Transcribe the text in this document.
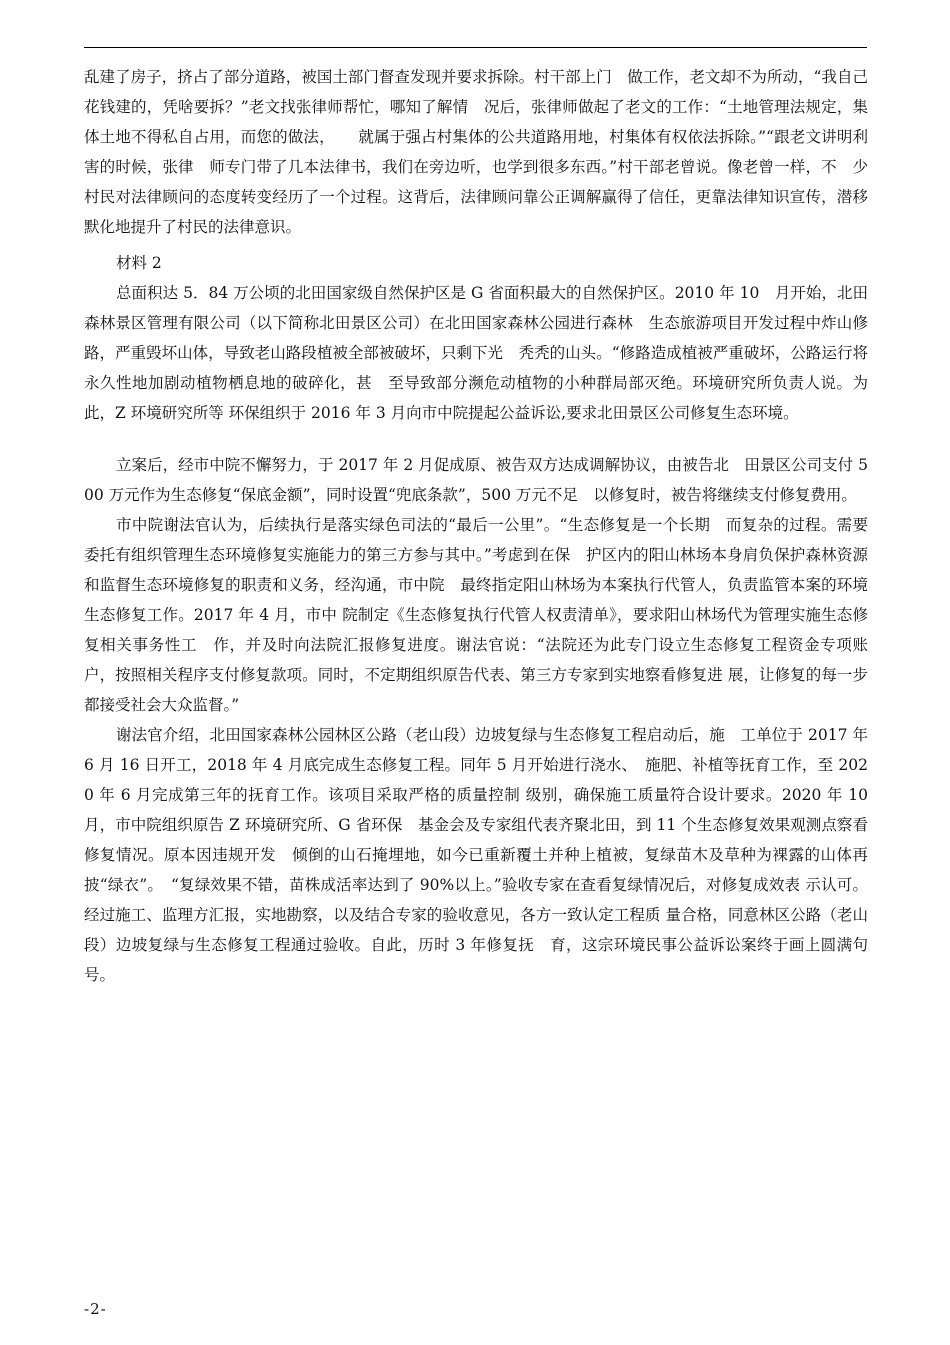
乱建了房子，挤占了部分道路，被国土部门督查发现并要求拆除。村干部上门　做工作，老文却不为所动，“我自己花钱建的，凭啥要拆？”老文找张律师帮忙，哪知了解情　况后，张律师做起了老文的工作：“土地管理法规定，集体土地不得私自占用，而您的做法，　　就属于强占村集体的公共道路用地，村集体有权依法拆除。”“跟老文讲明利害的时候，张律　师专门带了几本法律书，我们在旁边听，也学到很多东西。”村干部老曾说。像老曾一样，不　少村民对法律顾问的态度转变经历了一个过程。这背后，法律顾问靠公正调解赢得了信任，更靠法律知识宣传，潜移默化地提升了村民的法律意识。

材料 2

总面积达 5．84 万公顷的北田国家级自然保护区是 G 省面积最大的自然保护区。2010 年 10　月开始，北田森林景区管理有限公司（以下简称北田景区公司）在北田国家森林公园进行森林　生态旅游项目开发过程中炸山修路，严重毁坏山体，导致老山路段植被全部被破坏，只剩下光　秃秃的山头。“修路造成植被严重破坏，公路运行将永久性地加剧动植物栖息地的破碎化，甚　至导致部分濒危动植物的小种群局部灭绝。环境研究所负责人说。为此，Z 环境研究所等 环保组织于 2016 年 3 月向市中院提起公益诉讼,要求北田景区公司修复生态环境。

立案后，经市中院不懈努力，于 2017 年 2 月促成原、被告双方达成调解协议，由被告北　田景区公司支付 500 万元作为生态修复“保底金额”，同时设置“兜底条款”，500 万元不足　以修复时，被告将继续支付修复费用。

市中院谢法官认为，后续执行是落实绿色司法的“最后一公里”。“生态修复是一个长期　而复杂的过程。需要委托有组织管理生态环境修复实施能力的第三方参与其中。”考虑到在保　护区内的阳山林场本身肩负保护森林资源和监督生态环境修复的职责和义务，经沟通，市中院　最终指定阳山林场为本案执行代管人，负责监管本案的环境生态修复工作。2017 年 4 月，市中 院制定《生态修复执行代管人权责清单》，要求阳山林场代为管理实施生态修复相关事务性工　作，并及时向法院汇报修复进度。谢法官说：“法院还为此专门设立生态修复工程资金专项账 户，按照相关程序支付修复款项。同时，不定期组织原告代表、第三方专家到实地察看修复进 展，让修复的每一步都接受社会大众监督。”

谢法官介绍，北田国家森林公园林区公路（老山段）边坡复绿与生态修复工程启动后，施　工单位于 2017 年 6 月 16 日开工，2018 年 4 月底完成生态修复工程。同年 5 月开始进行浇水、　施肥、补植等抚育工作，至 2020 年 6 月完成第三年的抚育工作。该项目采取严格的质量控制 级别，确保施工质量符合设计要求。2020 年 10 月，市中院组织原告 Z 环境研究所、G 省环保　基金会及专家组代表齐聚北田，到 11 个生态修复效果观测点察看修复情况。原本因违规开发　倾倒的山石掩埋地，如今已重新覆土并种上植被，复绿苗木及草种为裸露的山体再披“绿衣”。　“复绿效果不错，苗株成活率达到了 90%以上。”验收专家在查看复绿情况后，对修复成效表 示认可。经过施工、监理方汇报，实地勘察，以及结合专家的验收意见，各方一致认定工程质 量合格，同意林区公路（老山段）边坡复绿与生态修复工程通过验收。自此，历时 3 年修复抚　育，这宗环境民事公益诉讼案终于画上圆满句号。

-2-
